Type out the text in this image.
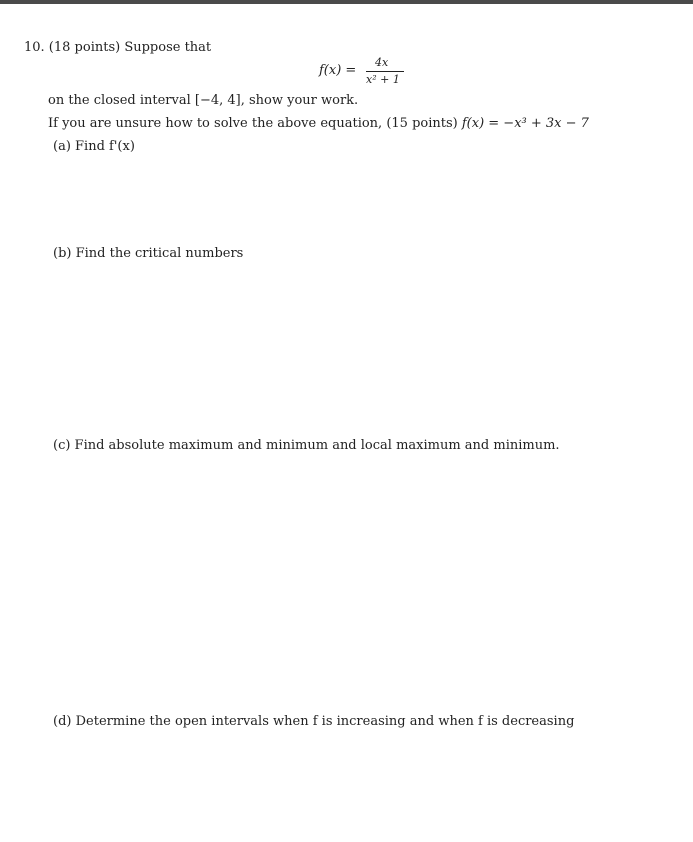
10. (18 points) Suppose that
f(x) =
4x
x² + 1
on the closed interval [−4, 4], show your work.
If you are unsure how to solve the above equation, (15 points) f(x) = −x³ + 3x − 7
(a) Find f'(x)
(b) Find the critical numbers
(c) Find absolute maximum and minimum and local maximum and minimum.
(d) Determine the open intervals when f is increasing and when f is decreasing
